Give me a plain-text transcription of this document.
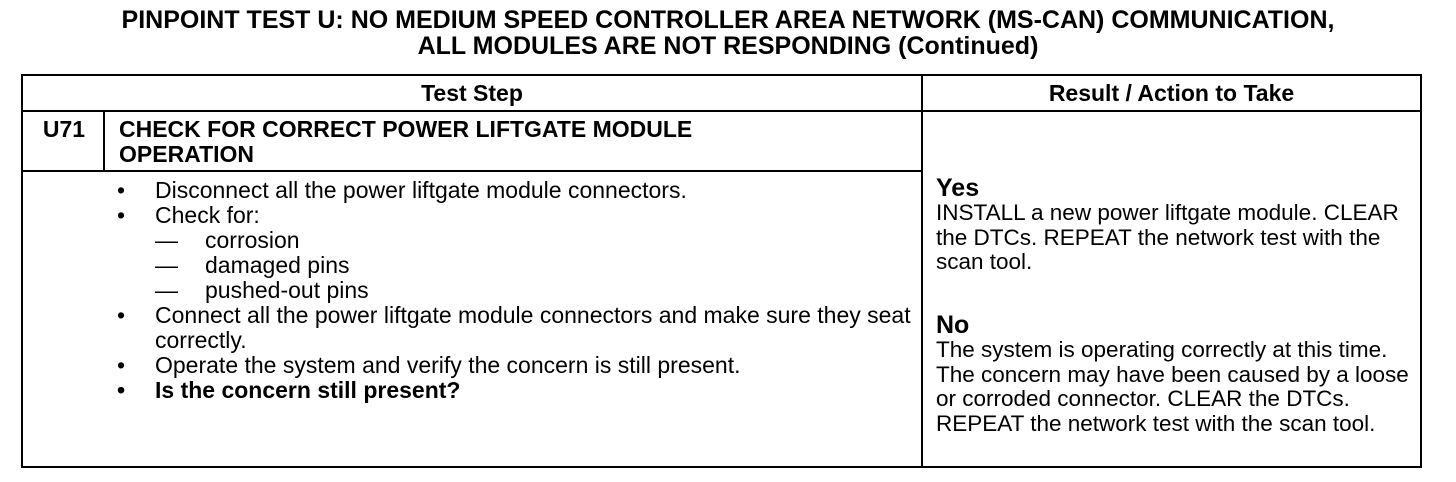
PINPOINT TEST U: NO MEDIUM SPEED CONTROLLER AREA NETWORK (MS-CAN) COMMUNICATION,
ALL MODULES ARE NOT RESPONDING (Continued)
Test Step	Result / Action to Take
U71	CHECK FOR CORRECT POWER LIFTGATE MODULE
OPERATION
• Disconnect all the power liftgate module connectors.
• Check for:
— corrosion
— damaged pins
— pushed-out pins
• Connect all the power liftgate module connectors and make sure they seat correctly.
• Operate the system and verify the concern is still present.
• Is the concern still present?
Yes
INSTALL a new power liftgate module. CLEAR the DTCs. REPEAT the network test with the scan tool.
No
The system is operating correctly at this time. The concern may have been caused by a loose or corroded connector. CLEAR the DTCs. REPEAT the network test with the scan tool.
